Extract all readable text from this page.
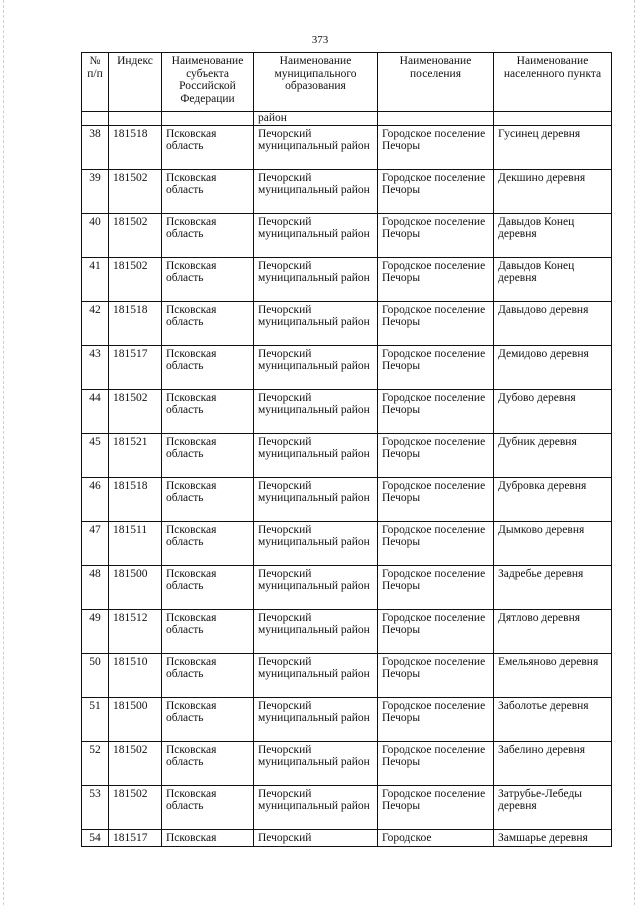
373
№ п/п	Индекс	Наименование субъекта Российской Федерации	Наименование муниципального образования	Наименование поселения	Наименование населенного пункта
			район		
38	181518	Псковская область	Печорский муниципальный район	Городское поселение Печоры	Гусинец деревня
39	181502	Псковская область	Печорский муниципальный район	Городское поселение Печоры	Декшино деревня
40	181502	Псковская область	Печорский муниципальный район	Городское поселение Печоры	Давыдов Конец деревня
41	181502	Псковская область	Печорский муниципальный район	Городское поселение Печоры	Давыдов Конец деревня
42	181518	Псковская область	Печорский муниципальный район	Городское поселение Печоры	Давыдово деревня
43	181517	Псковская область	Печорский муниципальный район	Городское поселение Печоры	Демидово деревня
44	181502	Псковская область	Печорский муниципальный район	Городское поселение Печоры	Дубово деревня
45	181521	Псковская область	Печорский муниципальный район	Городское поселение Печоры	Дубник деревня
46	181518	Псковская область	Печорский муниципальный район	Городское поселение Печоры	Дубровка деревня
47	181511	Псковская область	Печорский муниципальный район	Городское поселение Печоры	Дымково деревня
48	181500	Псковская область	Печорский муниципальный район	Городское поселение Печоры	Задребье деревня
49	181512	Псковская область	Печорский муниципальный район	Городское поселение Печоры	Дятлово деревня
50	181510	Псковская область	Печорский муниципальный район	Городское поселение Печоры	Емельяново деревня
51	181500	Псковская область	Печорский муниципальный район	Городское поселение Печоры	Заболотье деревня
52	181502	Псковская область	Печорский муниципальный район	Городское поселение Печоры	Забелино деревня
53	181502	Псковская область	Печорский муниципальный район	Городское поселение Печоры	Затрубье-Лебеды деревня
54	181517	Псковская	Печорский	Городское	Замшарье деревня
